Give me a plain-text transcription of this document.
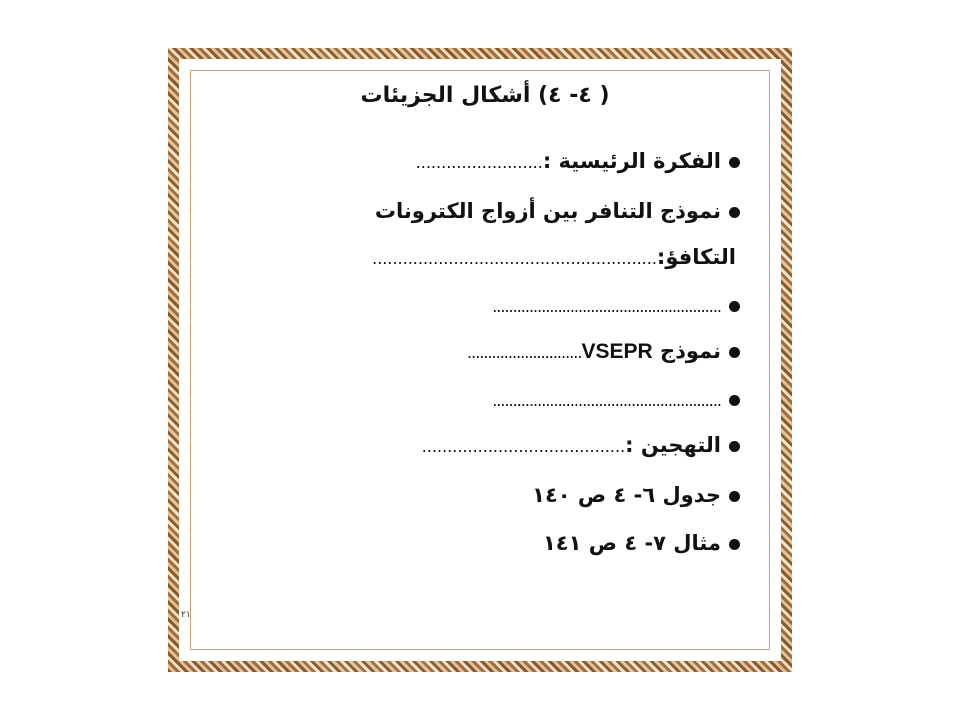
( ٤- ٤) أشكال الجزيئات
الفكرة الرئيسية :.........................
نموذج التنافر بين أزواج الكترونات
التكافؤ:........................................................
........................................................
نموذج VSEPR............................
........................................................
التهجين :........................................
جدول ٦- ٤ ص ١٤٠
مثال ٧- ٤ ص ١٤١
٢١
